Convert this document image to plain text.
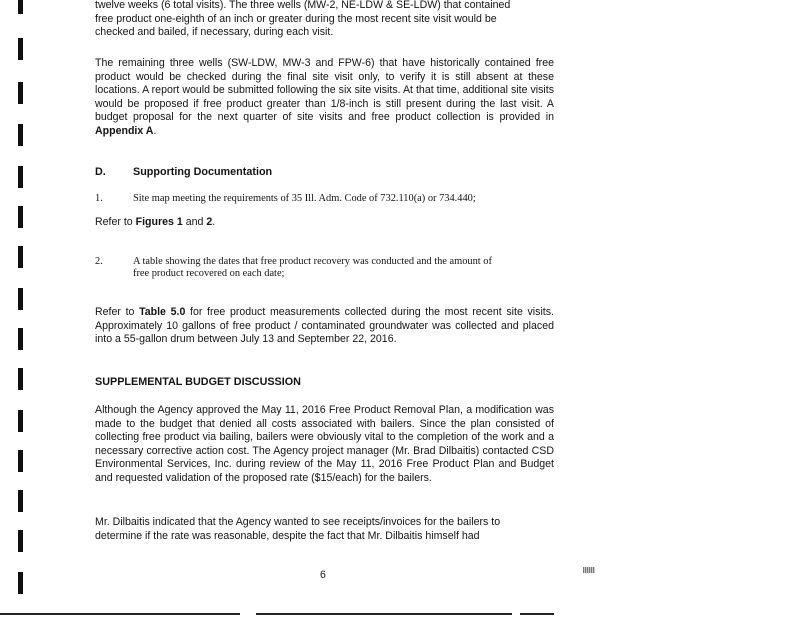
twelve weeks (6 total visits). The three wells (MW-2, NE-LDW & SE-LDW) that contained
free product one-eighth of an inch or greater during the most recent site visit would be
checked and bailed, if necessary, during each visit.

The remaining three wells (SW-LDW, MW-3 and FPW-6) that have historically contained free product would be checked during the final site visit only, to verify it is still absent at these locations. A report would be submitted following the six site visits. At that time, additional site visits would be proposed if free product greater than 1/8-inch is still present during the last visit. A budget proposal for the next quarter of site visits and free product collection is provided in Appendix A.

D.	Supporting Documentation
1.	Site map meeting the requirements of 35 Ill. Adm. Code of 732.110(a) or 734.440;

Refer to Figures 1 and 2.

2.	A table showing the dates that free product recovery was conducted and the amount of
free product recovered on each date;

Refer to Table 5.0 for free product measurements collected during the most recent site visits. Approximately 10 gallons of free product / contaminated groundwater was collected and placed into a 55-gallon drum between July 13 and September 22, 2016.

SUPPLEMENTAL BUDGET DISCUSSION

Although the Agency approved the May 11, 2016 Free Product Removal Plan, a modification was made to the budget that denied all costs associated with bailers. Since the plan consisted of collecting free product via bailing, bailers were obviously vital to the completion of the work and a necessary corrective action cost. The Agency project manager (Mr. Brad Dilbaitis) contacted CSD Environmental Services, Inc. during review of the May 11, 2016 Free Product Plan and Budget and requested validation of the proposed rate ($15/each) for the bailers.

Mr. Dilbaitis indicated that the Agency wanted to see receipts/invoices for the bailers to
determine if the rate was reasonable, despite the fact that Mr. Dilbaitis himself had

6
